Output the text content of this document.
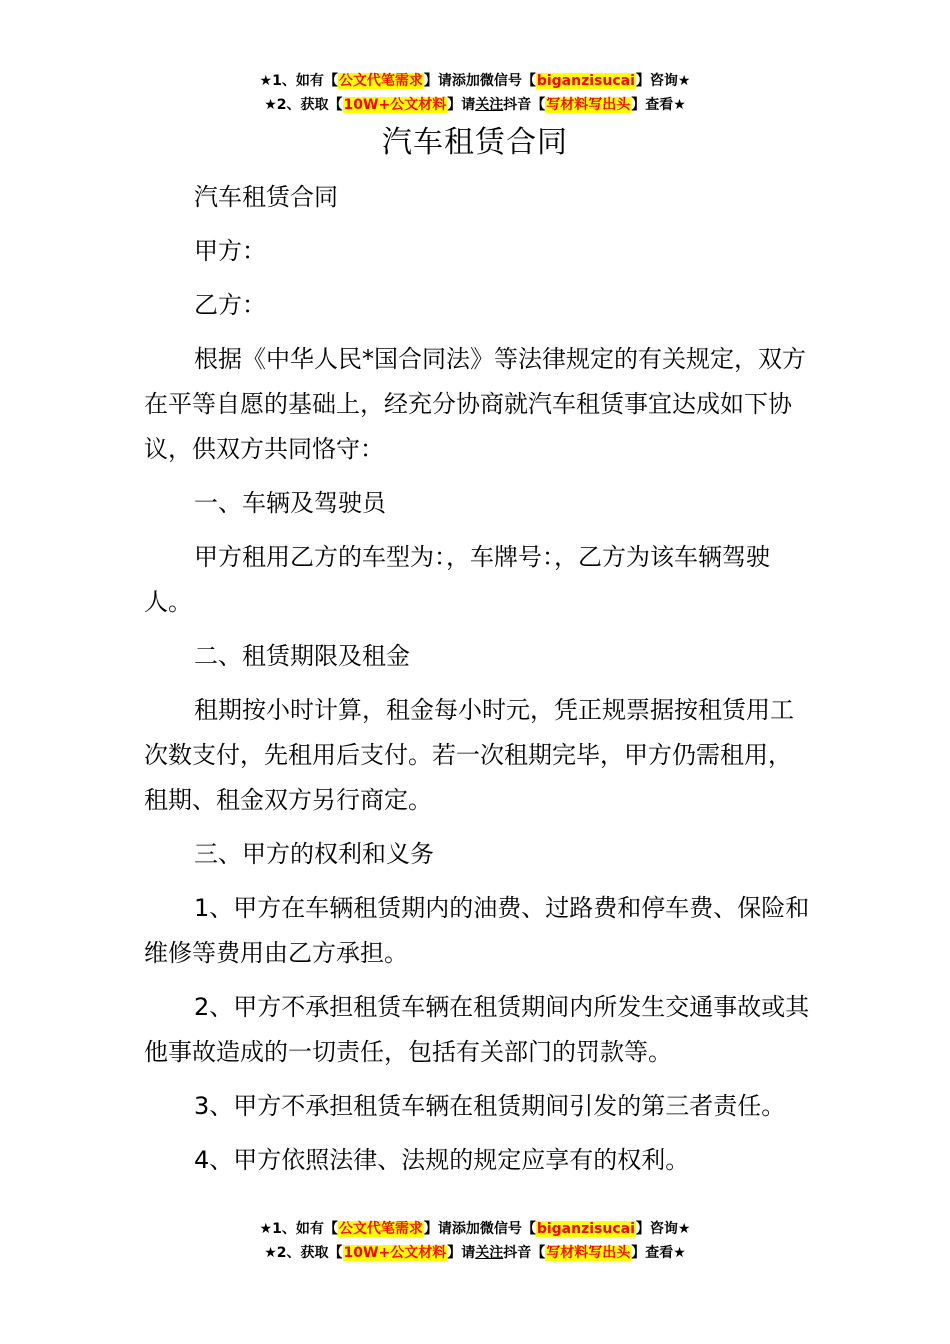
★1、如有【公文代笔需求】请添加微信号【biganzisucai】咨询★
★2、获取【10W+公文材料】请关注抖音【写材料写出头】查看★
汽车租赁合同

汽车租赁合同

甲方：

乙方：

根据《中华人民*国合同法》等法律规定的有关规定，双方在平等自愿的基础上，经充分协商就汽车租赁事宜达成如下协议，供双方共同恪守：

一、车辆及驾驶员

甲方租用乙方的车型为：，车牌号：，乙方为该车辆驾驶人。

二、租赁期限及租金

租期按小时计算，租金每小时元，凭正规票据按租赁用工次数支付，先租用后支付。若一次租期完毕，甲方仍需租用，租期、租金双方另行商定。

三、甲方的权利和义务

1、甲方在车辆租赁期内的油费、过路费和停车费、保险和维修等费用由乙方承担。

2、甲方不承担租赁车辆在租赁期间内所发生交通事故或其他事故造成的一切责任，包括有关部门的罚款等。

3、甲方不承担租赁车辆在租赁期间引发的第三者责任。

4、甲方依照法律、法规的规定应享有的权利。

★1、如有【公文代笔需求】请添加微信号【biganzisucai】咨询★
★2、获取【10W+公文材料】请关注抖音【写材料写出头】查看★
